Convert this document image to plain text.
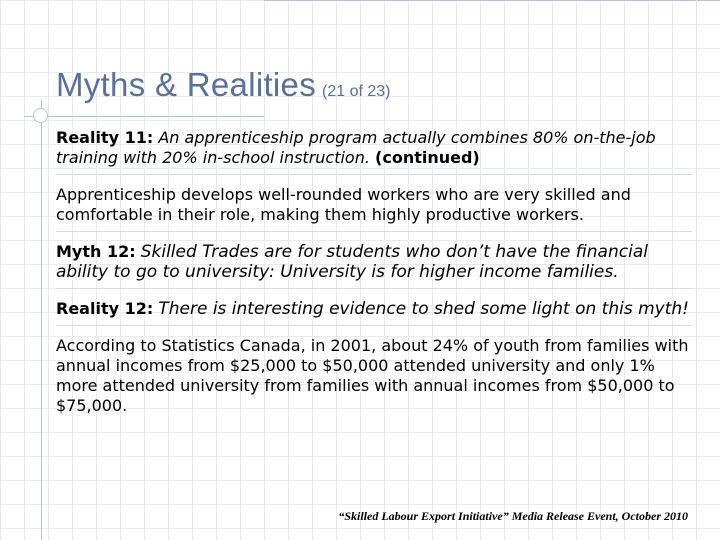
Myths & Realities (21 of 23)

Reality 11: An apprenticeship program actually combines 80% on-the-job training with 20% in-school instruction. (continued)

Apprenticeship develops well-rounded workers who are very skilled and comfortable in their role, making them highly productive workers.

Myth 12: Skilled Trades are for students who don’t have the financial ability to go to university: University is for higher income families.

Reality 12: There is interesting evidence to shed some light on this myth!

According to Statistics Canada, in 2001, about 24% of youth from families with annual incomes from $25,000 to $50,000 attended university and only 1% more attended university from families with annual incomes from $50,000 to $75,000.

“Skilled Labour Export Initiative” Media Release Event, October 2010
